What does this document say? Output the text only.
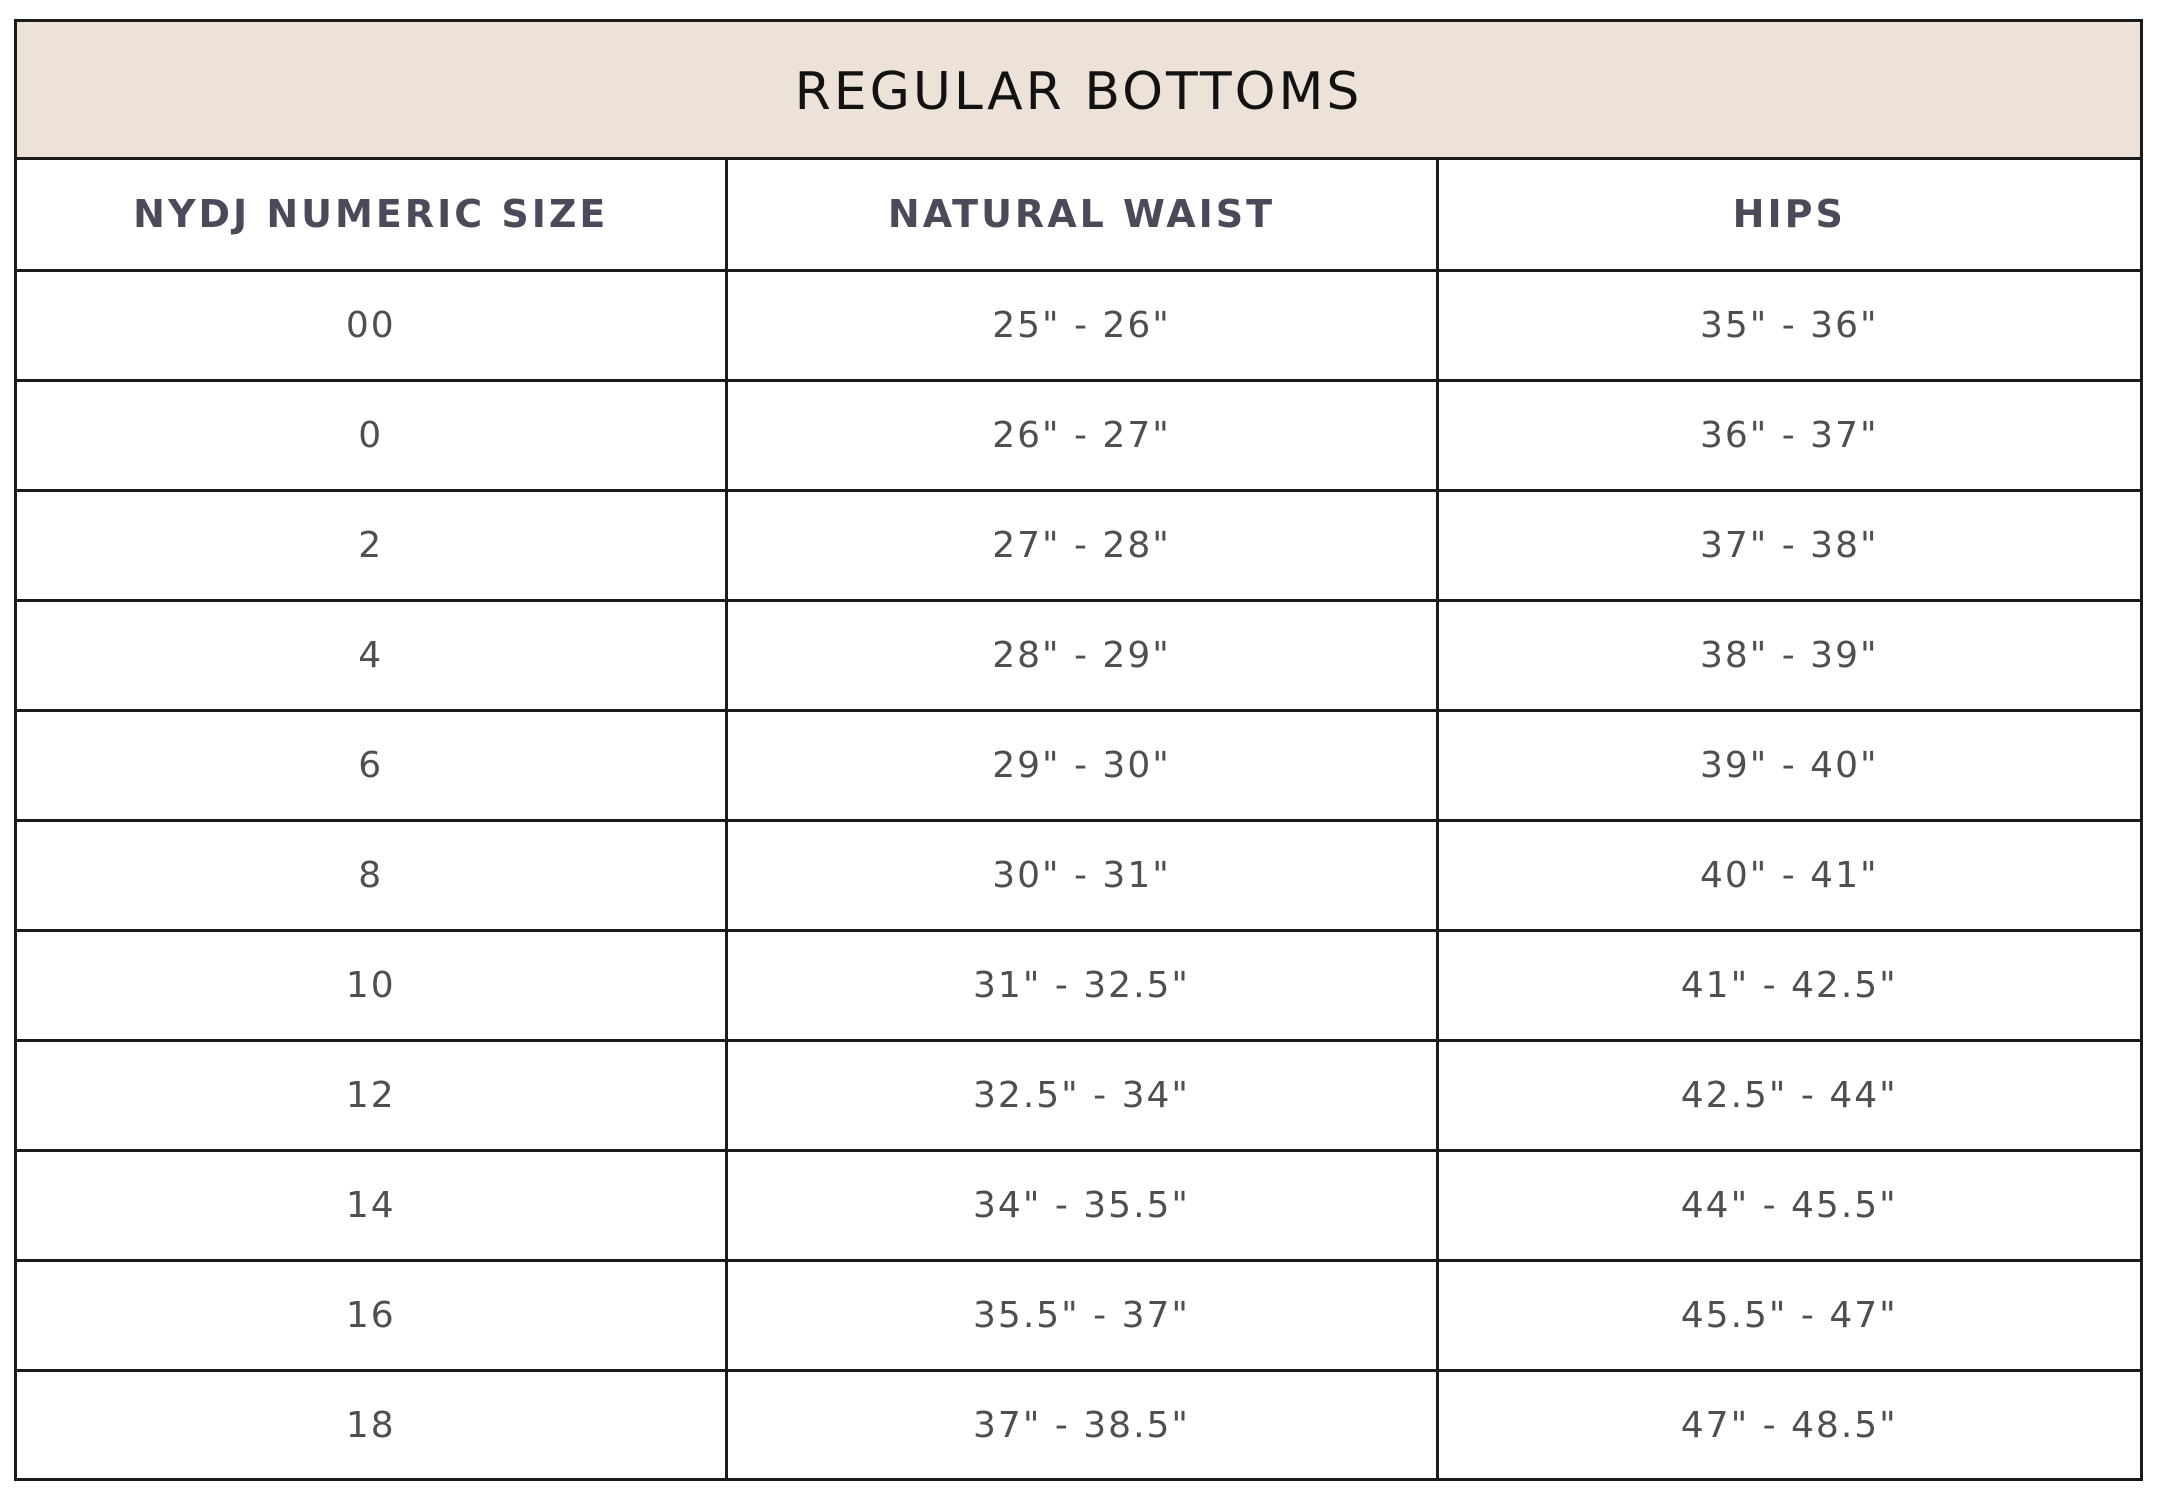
REGULAR BOTTOMS
NYDJ NUMERIC SIZE	NATURAL WAIST	HIPS
00	25" - 26"	35" - 36"
0	26" - 27"	36" - 37"
2	27" - 28"	37" - 38"
4	28" - 29"	38" - 39"
6	29" - 30"	39" - 40"
8	30" - 31"	40" - 41"
10	31" - 32.5"	41" - 42.5"
12	32.5" - 34"	42.5" - 44"
14	34" - 35.5"	44" - 45.5"
16	35.5" - 37"	45.5" - 47"
18	37" - 38.5"	47" - 48.5"
